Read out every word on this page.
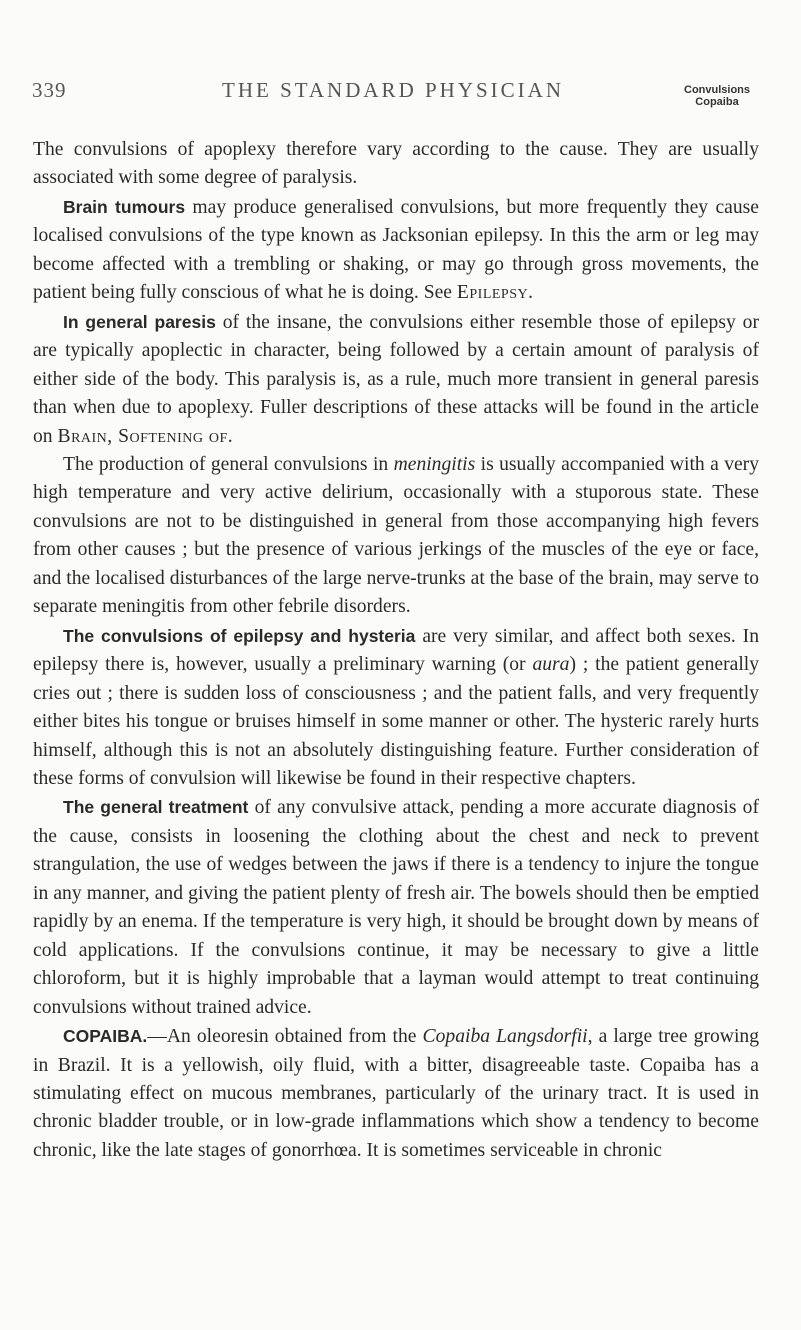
339	THE STANDARD PHYSICIAN	Convulsions
Copaiba

The convulsions of apoplexy therefore vary according to the cause. They are usually associated with some degree of paralysis.

Brain tumours may produce generalised convulsions, but more frequently they cause localised convulsions of the type known as Jacksonian epilepsy. In this the arm or leg may become affected with a trembling or shaking, or may go through gross movements, the patient being fully conscious of what he is doing. See Epilepsy.

In general paresis of the insane, the convulsions either resemble those of epilepsy or are typically apoplectic in character, being followed by a certain amount of paralysis of either side of the body. This paralysis is, as a rule, much more transient in general paresis than when due to apoplexy. Fuller descriptions of these attacks will be found in the article on Brain, Softening of.

The production of general convulsions in meningitis is usually accompanied with a very high temperature and very active delirium, occasionally with a stuporous state. These convulsions are not to be distinguished in general from those accompanying high fevers from other causes ; but the presence of various jerkings of the muscles of the eye or face, and the localised disturbances of the large nerve-trunks at the base of the brain, may serve to separate meningitis from other febrile disorders.

The convulsions of epilepsy and hysteria are very similar, and affect both sexes. In epilepsy there is, however, usually a preliminary warning (or aura) ; the patient generally cries out ; there is sudden loss of consciousness ; and the patient falls, and very frequently either bites his tongue or bruises himself in some manner or other. The hysteric rarely hurts himself, although this is not an absolutely distinguishing feature. Further consideration of these forms of convulsion will likewise be found in their respective chapters.

The general treatment of any convulsive attack, pending a more accurate diagnosis of the cause, consists in loosening the clothing about the chest and neck to prevent strangulation, the use of wedges between the jaws if there is a tendency to injure the tongue in any manner, and giving the patient plenty of fresh air. The bowels should then be emptied rapidly by an enema. If the temperature is very high, it should be brought down by means of cold applications. If the convulsions continue, it may be necessary to give a little chloroform, but it is highly improbable that a layman would attempt to treat continuing convulsions without trained advice.

COPAIBA.—An oleoresin obtained from the Copaiba Langsdorfii, a large tree growing in Brazil. It is a yellowish, oily fluid, with a bitter, disagreeable taste. Copaiba has a stimulating effect on mucous membranes, particularly of the urinary tract. It is used in chronic bladder trouble, or in low-grade inflammations which show a tendency to become chronic, like the late stages of gonorrhœa. It is sometimes serviceable in chronic
